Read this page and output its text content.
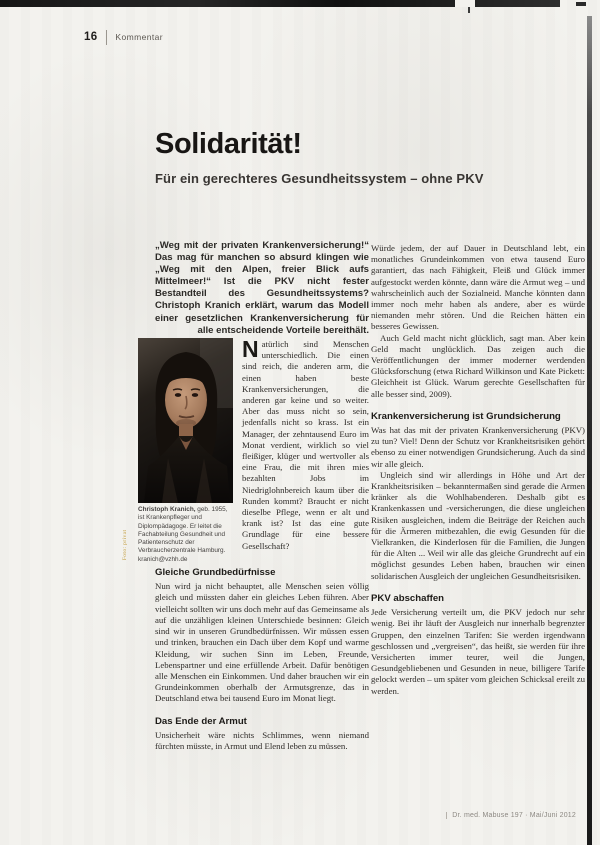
16 Kommentar
Solidarität!
Für ein gerechteres Gesundheitssystem – ohne PKV
„Weg mit der privaten Krankenversicherung!“ Das mag für manchen so absurd klingen wie „Weg mit den Alpen, freier Blick aufs Mittelmeer!“ Ist die PKV nicht fester Bestandteil des Gesundheitssystems? Christoph Kranich erklärt, warum das Modell einer gesetzlichen Krankenversicherung für alle entscheidende Vorteile bereithält.
Foto: privat
Christoph Kranich, geb. 1955, ist Krankenpfleger und Diplompädagoge. Er leitet die Fachabteilung Gesundheit und Patientenschutz der Verbraucherzentrale Hamburg. kranich@vzhh.de

Natürlich sind Menschen unterschiedlich. Die einen sind reich, die anderen arm, die einen haben beste Krankenversicherungen, die anderen gar keine und so weiter. Aber das muss nicht so sein, jedenfalls nicht so krass. Ist ein Manager, der zehntausend Euro im Monat verdient, wirklich so viel fleißiger, klüger und wertvoller als eine Frau, die mit ihren mies bezahlten Jobs im Niedriglohnbereich kaum über die Runden kommt? Braucht er nicht dieselbe Pflege, wenn er alt und krank ist? Ist das eine gute Grundlage für eine bessere Gesellschaft?

Gleiche Grundbedürfnisse

Nun wird ja nicht behauptet, alle Menschen seien völlig gleich und müssten daher ein gleiches Leben führen. Aber vielleicht sollten wir uns doch mehr auf das Gemeinsame als auf die unzähligen kleinen Unterschiede besinnen: Gleich sind wir in unseren Grundbedürfnissen. Wir müssen essen und trinken, brauchen ein Dach über dem Kopf und warme Kleidung, wir suchen Sinn im Leben, Freunde, Lebenspartner und eine erfüllende Arbeit. Dafür benötigen alle Menschen ein Einkommen. Und daher brauchen wir ein Grundeinkommen oberhalb der Armutsgrenze, das in Deutschland etwa bei tausend Euro im Monat liegt.

Das Ende der Armut

Unsicherheit wäre nichts Schlimmes, wenn niemand fürchten müsste, in Armut und Elend leben zu müssen.

Würde jedem, der auf Dauer in Deutschland lebt, ein monatliches Grundeinkommen von etwa tausend Euro garantiert, das nach Fähigkeit, Fleiß und Glück immer aufgestockt werden könnte, dann wäre die Armut weg – und wahrscheinlich auch der Sozialneid. Manche könnten dann immer noch mehr haben als andere, aber es würde niemanden mehr stören. Und die Reichen hätten ein besseres Gewissen.

Auch Geld macht nicht glücklich, sagt man. Aber kein Geld macht unglücklich. Das zeigen auch die Veröffentlichungen der immer moderner werdenden Glücksforschung (etwa Richard Wilkinson und Kate Pickett: Gleichheit ist Glück. Warum gerechte Gesellschaften für alle besser sind, 2009).

Krankenversicherung ist Grundsicherung

Was hat das mit der privaten Krankenversicherung (PKV) zu tun? Viel! Denn der Schutz vor Krankheitsrisiken gehört ebenso zu einer notwendigen Grundsicherung. Auch da sind wir alle gleich.

Ungleich sind wir allerdings in Höhe und Art der Krankheitsrisiken – bekanntermaßen sind gerade die Armen kränker als die Wohlhabenderen. Deshalb gibt es Krankenkassen und -versicherungen, die diese ungleichen Risiken ausgleichen, indem die Beiträge der Reichen auch für die Ärmeren mitbezahlen, die ewig Gesunden für die Vielkranken, die Kinderlosen für die Familien, die Jungen für die Alten ... Weil wir alle das gleiche Grundrecht auf ein möglichst gesundes Leben haben, brauchen wir einen solidarischen Ausgleich der ungleichen Gesundheitsrisiken.

PKV abschaffen

Jede Versicherung verteilt um, die PKV jedoch nur sehr wenig. Bei ihr läuft der Ausgleich nur innerhalb begrenzter Gruppen, den einzelnen Tarifen: Sie werden irgendwann geschlossen und „vergreisen“, das heißt, sie werden für ihre Versicherten immer teurer, weil die Jungen, Gesundgebliebenen und Gesunden in neue, billigere Tarife gelockt werden – um später vom gleichen Schicksal ereilt zu werden.

Dr. med. Mabuse 197 · Mai/Juni 2012
